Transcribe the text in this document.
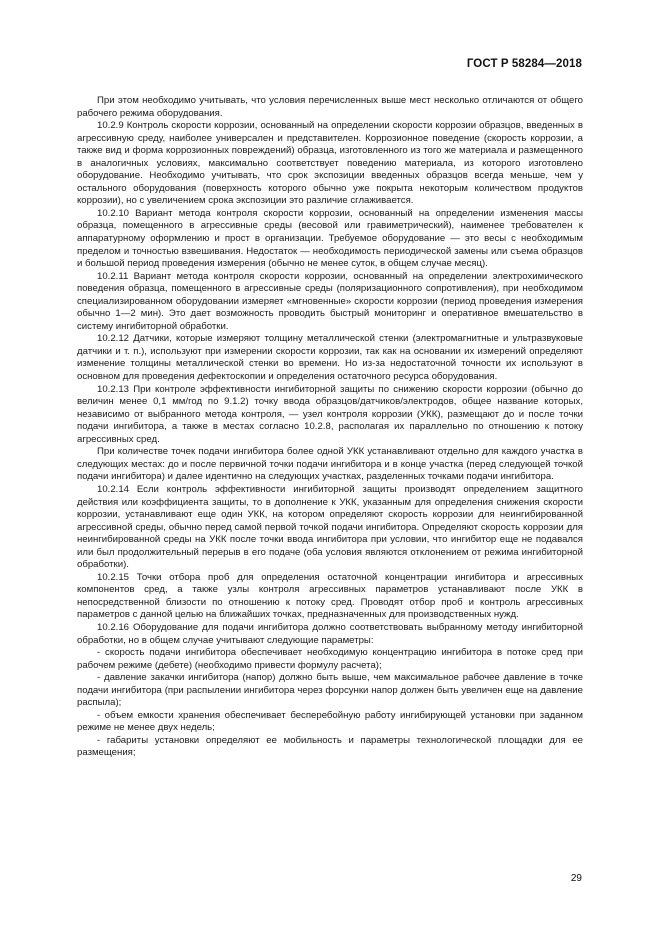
ГОСТ Р 58284—2018

При этом необходимо учитывать, что условия перечисленных выше мест несколько отличаются от общего рабочего режима оборудования.

10.2.9 Контроль скорости коррозии, основанный на определении скорости коррозии образцов, введенных в агрессивную среду, наиболее универсален и представителен. Коррозионное поведение (скорость коррозии, а также вид и форма коррозионных повреждений) образца, изготовленного из того же материала и размещенного в аналогичных условиях, максимально соответствует поведению материала, из которого изготовлено оборудование. Необходимо учитывать, что срок экспозиции введенных образцов всегда меньше, чем у остального оборудования (поверхность которого обычно уже покрыта некоторым количеством продуктов коррозии), но с увеличением срока экспозиции это различие сглаживается.

10.2.10 Вариант метода контроля скорости коррозии, основанный на определении изменения массы образца, помещенного в агрессивные среды (весовой или гравиметрический), наименее требователен к аппаратурному оформлению и прост в организации. Требуемое оборудование — это весы с необходимым пределом и точностью взвешивания. Недостаток — необходимость периодической замены или съема образцов и большой период проведения измерения (обычно не менее суток, в общем случае месяц).

10.2.11 Вариант метода контроля скорости коррозии, основанный на определении электрохимического поведения образца, помещенного в агрессивные среды (поляризационного сопротивления), при необходимом специализированном оборудовании измеряет «мгновенные» скорости коррозии (период проведения измерения обычно 1—2 мин). Это дает возможность проводить быстрый мониторинг и оперативное вмешательство в систему ингибиторной обработки.

10.2.12 Датчики, которые измеряют толщину металлической стенки (электромагнитные и ультразвуковые датчики и т. п.), используют при измерении скорости коррозии, так как на основании их измерений определяют изменение толщины металлической стенки во времени. Но из-за недостаточной точности их используют в основном для проведения дефектоскопии и определения остаточного ресурса оборудования.

10.2.13 При контроле эффективности ингибиторной защиты по снижению скорости коррозии (обычно до величин менее 0,1 мм/год по 9.1.2) точку ввода образцов/датчиков/электродов, общее название которых, независимо от выбранного метода контроля, — узел контроля коррозии (УКК), размещают до и после точки подачи ингибитора, а также в местах согласно 10.2.8, располагая их параллельно по отношению к потоку агрессивных сред.

При количестве точек подачи ингибитора более одной УКК устанавливают отдельно для каждого участка в следующих местах: до и после первичной точки подачи ингибитора и в конце участка (перед следующей точкой подачи ингибитора) и далее идентично на следующих участках, разделенных точками подачи ингибитора.

10.2.14 Если контроль эффективности ингибиторной защиты производят определением защитного действия или коэффициента защиты, то в дополнение к УКК, указанным для определения снижения скорости коррозии, устанавливают еще один УКК, на котором определяют скорость коррозии для неингибированной агрессивной среды, обычно перед самой первой точкой подачи ингибитора. Определяют скорость коррозии для неингибированной среды на УКК после точки ввода ингибитора при условии, что ингибитор еще не подавался или был продолжительный перерыв в его подаче (оба условия являются отклонением от режима ингибиторной обработки).

10.2.15 Точки отбора проб для определения остаточной концентрации ингибитора и агрессивных компонентов сред, а также узлы контроля агрессивных параметров устанавливают после УКК в непосредственной близости по отношению к потоку сред. Проводят отбор проб и контроль агрессивных параметров с данной целью на ближайших точках, предназначенных для производственных нужд.

10.2.16 Оборудование для подачи ингибитора должно соответствовать выбранному методу ингибиторной обработки, но в общем случае учитывают следующие параметры:

- скорость подачи ингибитора обеспечивает необходимую концентрацию ингибитора в потоке сред при рабочем режиме (дебете) (необходимо привести формулу расчета);

- давление закачки ингибитора (напор) должно быть выше, чем максимальное рабочее давление в точке подачи ингибитора (при распылении ингибитора через форсунки напор должен быть увеличен еще на давление распыла);

- объем емкости хранения обеспечивает бесперебойную работу ингибирующей установки при заданном режиме не менее двух недель;

- габариты установки определяют ее мобильность и параметры технологической площадки для ее размещения;

29
